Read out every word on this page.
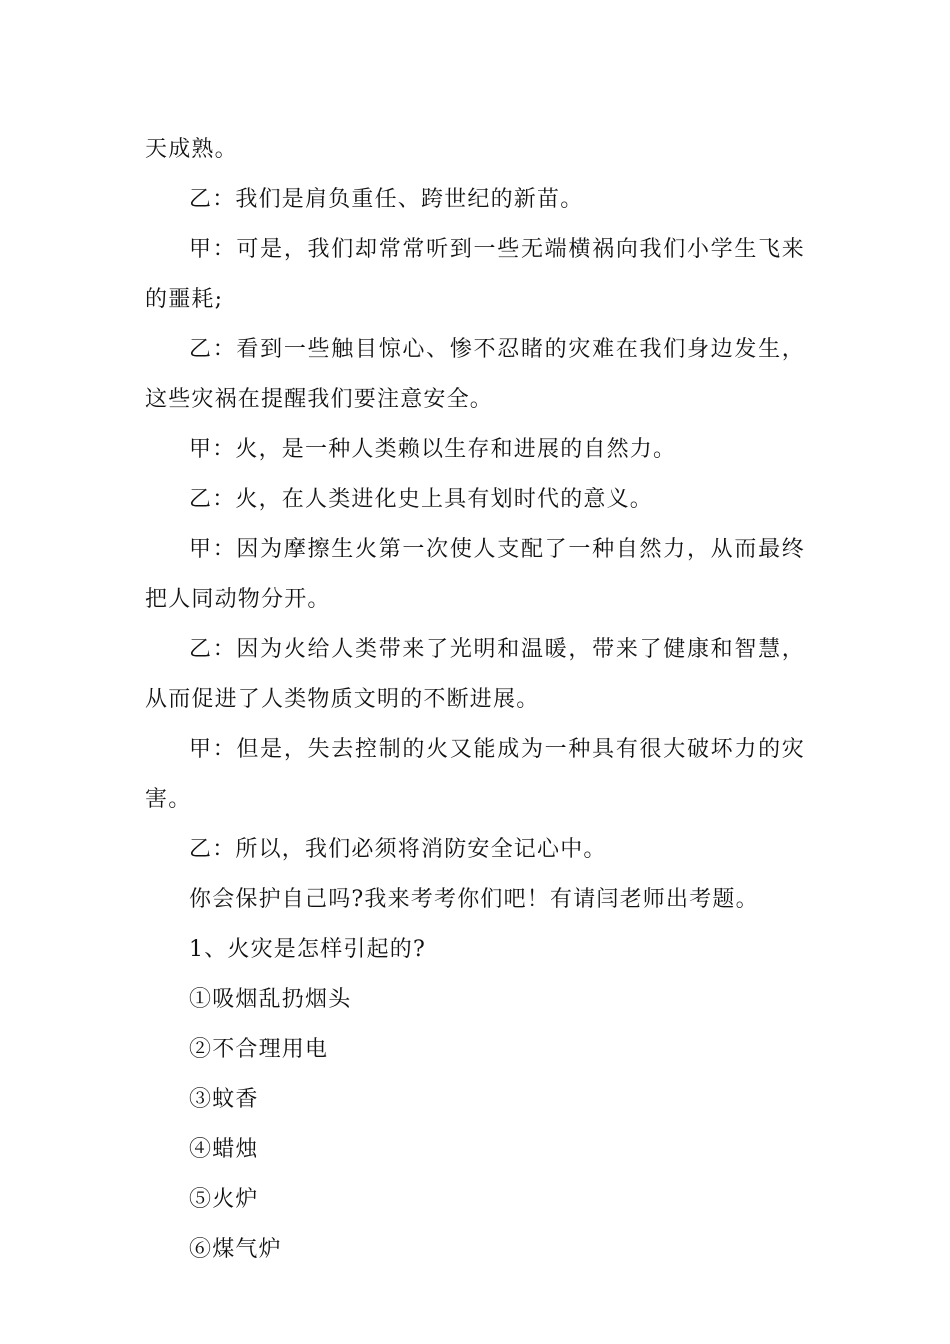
天成熟。

乙：我们是肩负重任、跨世纪的新苗。

甲：可是，我们却常常听到一些无端横祸向我们小学生飞来的噩耗;

乙：看到一些触目惊心、惨不忍睹的灾难在我们身边发生，这些灾祸在提醒我们要注意安全。

甲：火，是一种人类赖以生存和进展的自然力。

乙：火，在人类进化史上具有划时代的意义。

甲：因为摩擦生火第一次使人支配了一种自然力，从而最终把人同动物分开。

乙：因为火给人类带来了光明和温暖，带来了健康和智慧，从而促进了人类物质文明的不断进展。

甲：但是，失去控制的火又能成为一种具有很大破坏力的灾害。

乙：所以，我们必须将消防安全记心中。

你会保护自己吗?我来考考你们吧！有请闫老师出考题。

1、火灾是怎样引起的?

①吸烟乱扔烟头

②不合理用电

③蚊香

④蜡烛

⑤火炉

⑥煤气炉
